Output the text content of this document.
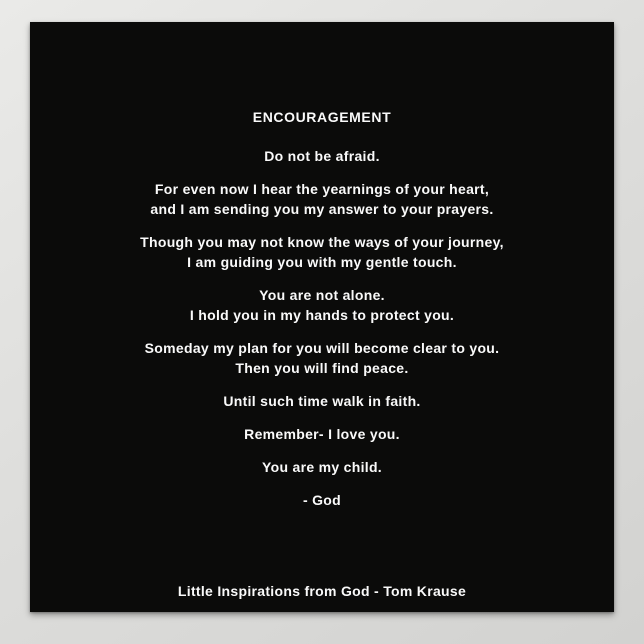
ENCOURAGEMENT
Do not be afraid.
For even now I hear the yearnings of your heart,
and I am sending you my answer to your prayers.
Though you may not know the ways of your journey,
I am guiding you with my gentle touch.
You are not alone.
I hold you in my hands to protect you.
Someday my plan for you will become clear to you.
Then you will find peace.
Until such time walk in faith.
Remember- I love you.
You are my child.
- God
Little Inspirations from God - Tom Krause
